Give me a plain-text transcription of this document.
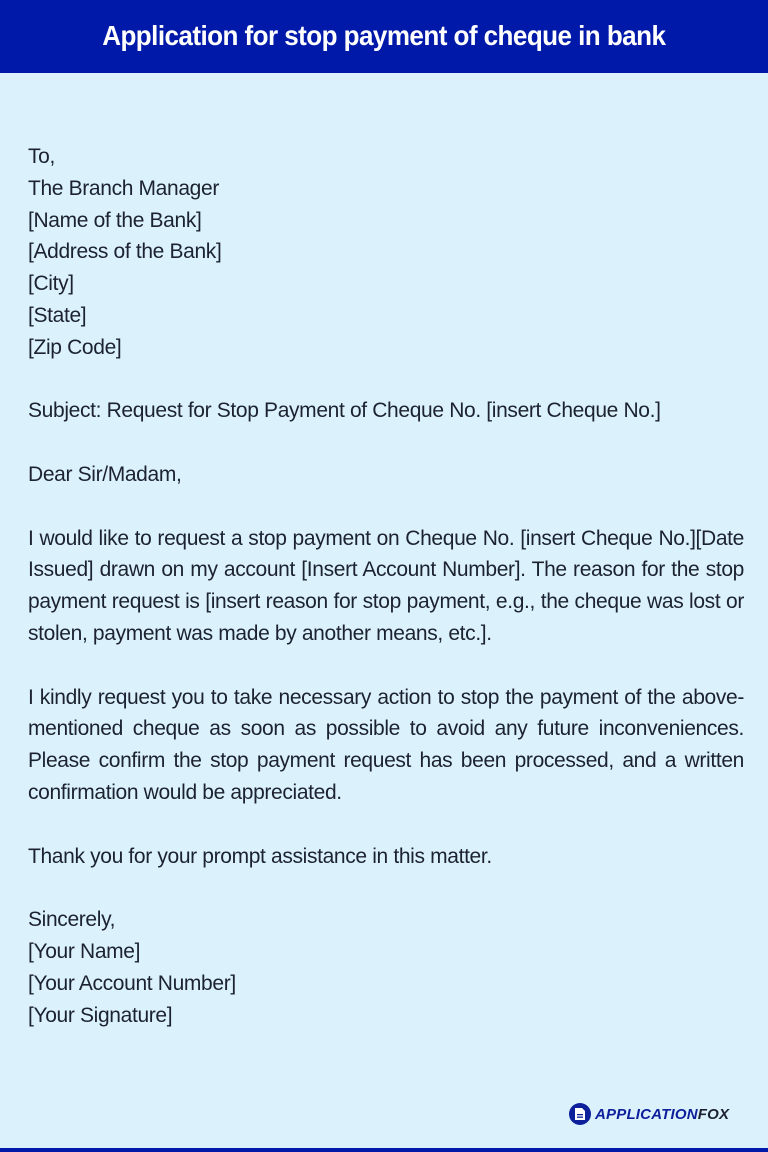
Application for stop payment of cheque in bank
To,
The Branch Manager
[Name of the Bank]
[Address of the Bank]
[City]
[State]
[Zip Code]

Subject: Request for Stop Payment of Cheque No. [insert Cheque No.]

Dear Sir/Madam,

I would like to request a stop payment on Cheque No. [insert Cheque No.][Date Issued] drawn on my account [Insert Account Number]. The reason for the stop payment request is [insert reason for stop payment, e.g., the cheque was lost or stolen, payment was made by another means, etc.].

I kindly request you to take necessary action to stop the payment of the above-mentioned cheque as soon as possible to avoid any future inconveniences. Please confirm the stop payment request has been processed, and a written confirmation would be appreciated.

Thank you for your prompt assistance in this matter.

Sincerely,
[Your Name]
[Your Account Number]
[Your Signature]
APPLICATIONFOX
